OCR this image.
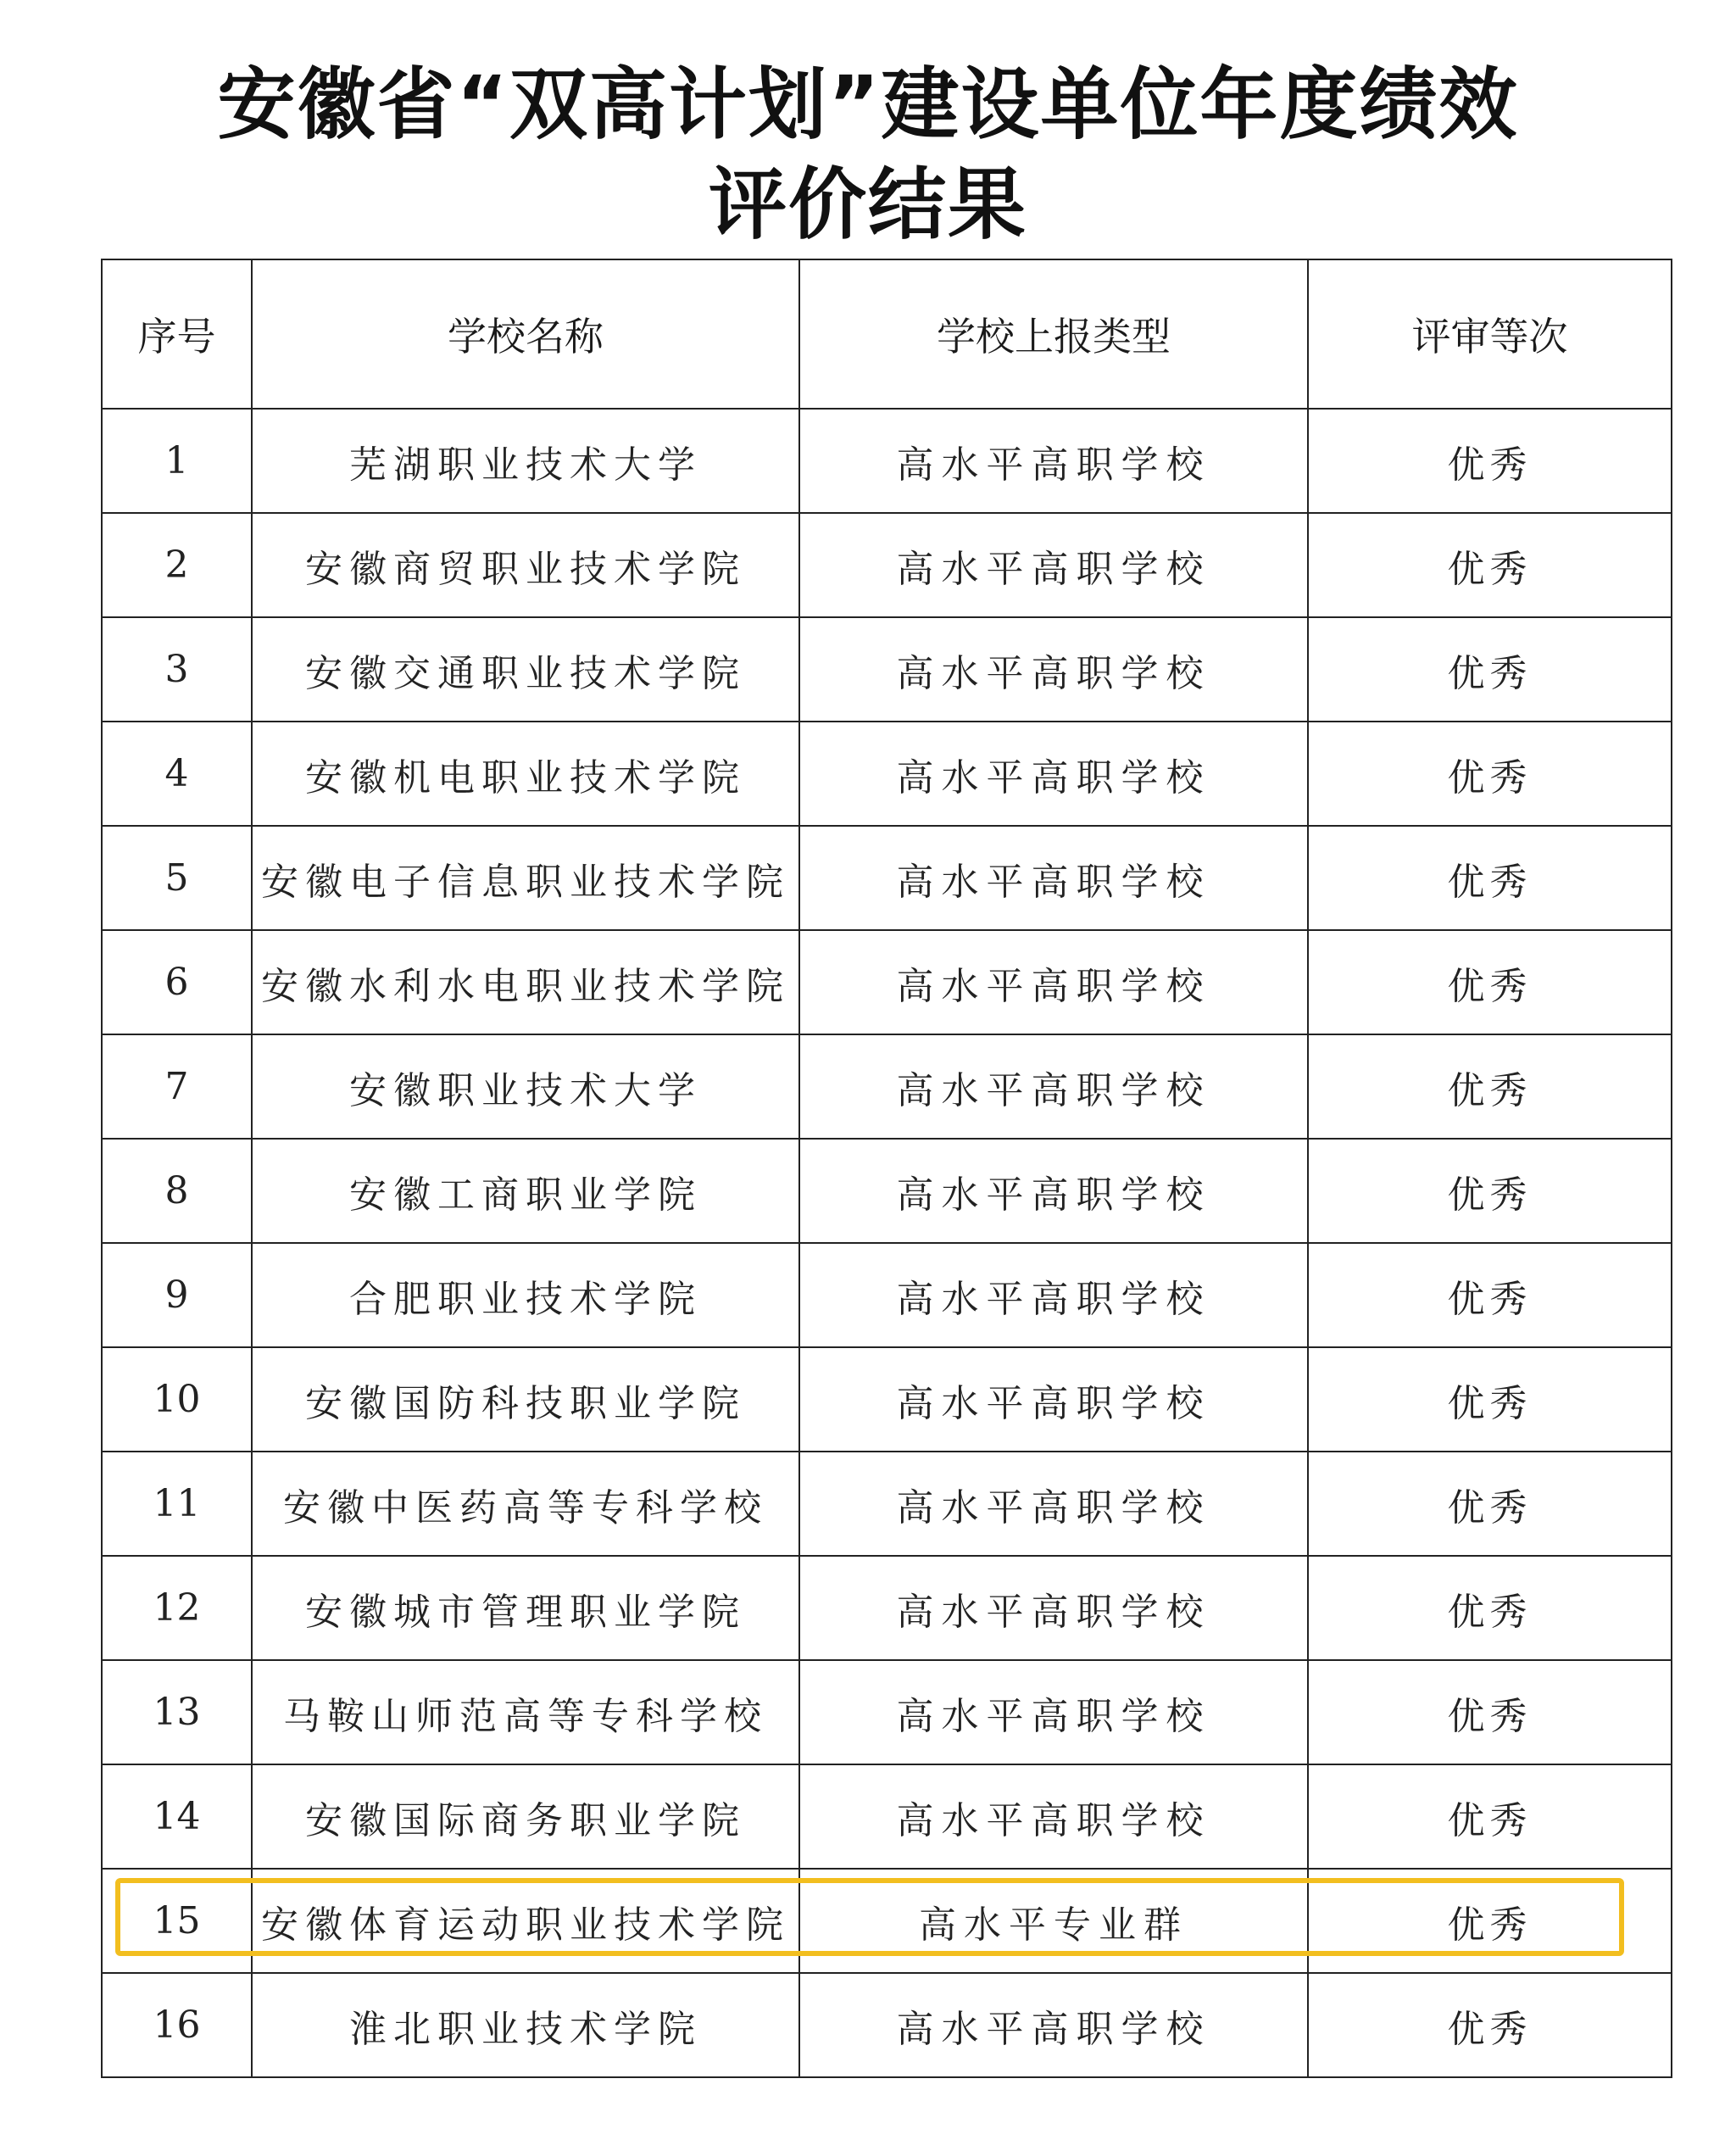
安徽省“双高计划”建设单位年度绩效
评价结果
序号	学校名称	学校上报类型	评审等次
1	芜湖职业技术大学	高水平高职学校	优秀
2	安徽商贸职业技术学院	高水平高职学校	优秀
3	安徽交通职业技术学院	高水平高职学校	优秀
4	安徽机电职业技术学院	高水平高职学校	优秀
5	安徽电子信息职业技术学院	高水平高职学校	优秀
6	安徽水利水电职业技术学院	高水平高职学校	优秀
7	安徽职业技术大学	高水平高职学校	优秀
8	安徽工商职业学院	高水平高职学校	优秀
9	合肥职业技术学院	高水平高职学校	优秀
10	安徽国防科技职业学院	高水平高职学校	优秀
11	安徽中医药高等专科学校	高水平高职学校	优秀
12	安徽城市管理职业学院	高水平高职学校	优秀
13	马鞍山师范高等专科学校	高水平高职学校	优秀
14	安徽国际商务职业学院	高水平高职学校	优秀
15	安徽体育运动职业技术学院	高水平专业群	优秀
16	淮北职业技术学院	高水平高职学校	优秀
